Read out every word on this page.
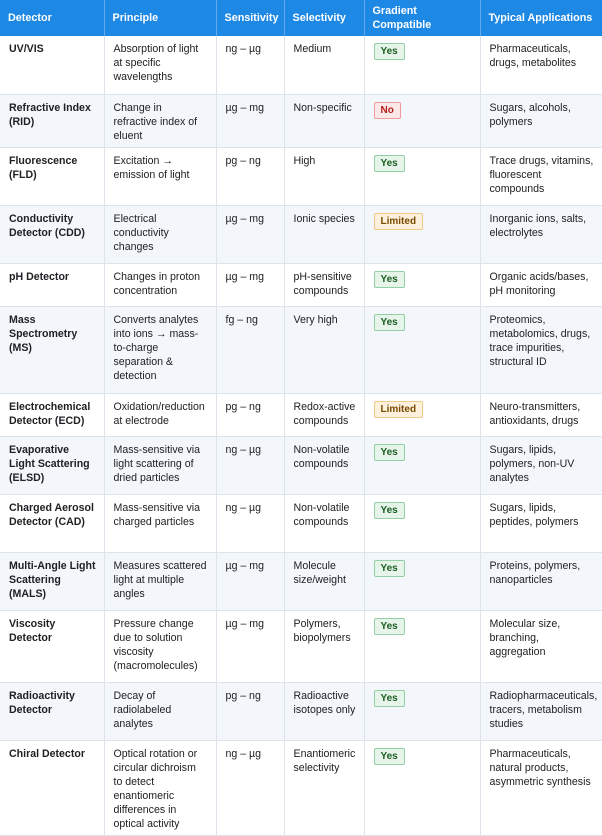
Detector	Principle	Sensitivity	Selectivity	Gradient Compatible	Typical Applications
UV/VIS	Absorption of light at specific wavelengths	ng – µg	Medium	Yes	Pharmaceuticals, drugs, metabolites
Refractive Index (RID)	Change in refractive index of eluent	µg – mg	Non-specific	No	Sugars, alcohols, polymers
Fluorescence (FLD)	Excitation → emission of light	pg – ng	High	Yes	Trace drugs, vitamins, fluorescent compounds
Conductivity Detector (CDD)	Electrical conductivity changes	µg – mg	Ionic species	Limited	Inorganic ions, salts, electrolytes
pH Detector	Changes in proton concentration	µg – mg	pH-sensitive compounds	Yes	Organic acids/bases, pH monitoring
Mass Spectrometry (MS)	Converts analytes into ions → mass-to-charge separation & detection	fg – ng	Very high	Yes	Proteomics, metabolomics, drugs, trace impurities, structural ID
Electrochemical Detector (ECD)	Oxidation/reduction at electrode	pg – ng	Redox-active compounds	Limited	Neuro-transmitters, antioxidants, drugs
Evaporative Light Scattering (ELSD)	Mass-sensitive via light scattering of dried particles	ng – µg	Non-volatile compounds	Yes	Sugars, lipids, polymers, non-UV analytes
Charged Aerosol Detector (CAD)	Mass-sensitive via charged particles	ng – µg	Non-volatile compounds	Yes	Sugars, lipids, peptides, polymers
Multi-Angle Light Scattering (MALS)	Measures scattered light at multiple angles	µg – mg	Molecule size/weight	Yes	Proteins, polymers, nanoparticles
Viscosity Detector	Pressure change due to solution viscosity (macromolecules)	µg – mg	Polymers, biopolymers	Yes	Molecular size, branching, aggregation
Radioactivity Detector	Decay of radiolabeled analytes	pg – ng	Radioactive isotopes only	Yes	Radiopharmaceuticals, tracers, metabolism studies
Chiral Detector	Optical rotation or circular dichroism to detect enantiomeric differences in optical activity	ng – µg	Enantiomeric selectivity	Yes	Pharmaceuticals, natural products, asymmetric synthesis
